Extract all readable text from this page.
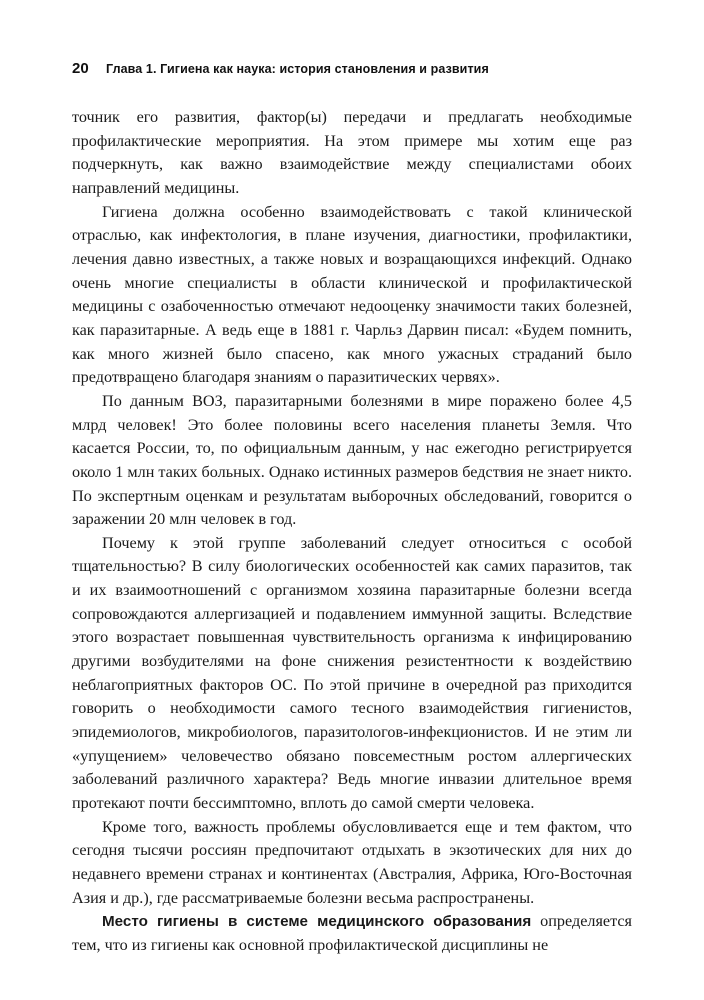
20	Глава 1. Гигиена как наука: история становления и развития

точник его развития, фактор(ы) передачи и предлагать необходимые профилактические мероприятия. На этом примере мы хотим еще раз подчеркнуть, как важно взаимодействие между специалистами обоих направлений медицины.

Гигиена должна особенно взаимодействовать с такой клинической отраслью, как инфектология, в плане изучения, диагностики, профилактики, лечения давно известных, а также новых и возращающихся инфекций. Однако очень многие специалисты в области клинической и профилактической медицины с озабоченностью отмечают недооценку значимости таких болезней, как паразитарные. А ведь еще в 1881 г. Чарльз Дарвин писал: «Будем помнить, как много жизней было спасено, как много ужасных страданий было предотвращено благодаря знаниям о паразитических червях».

По данным ВОЗ, паразитарными болезнями в мире поражено более 4,5 млрд человек! Это более половины всего населения планеты Земля. Что касается России, то, по официальным данным, у нас ежегодно регистрируется около 1 млн таких больных. Однако истинных размеров бедствия не знает никто. По экспертным оценкам и результатам выборочных обследований, говорится о заражении 20 млн человек в год.

Почему к этой группе заболеваний следует относиться с особой тщательностью? В силу биологических особенностей как самих паразитов, так и их взаимоотношений с организмом хозяина паразитарные болезни всегда сопровождаются аллергизацией и подавлением иммунной защиты. Вследствие этого возрастает повышенная чувствительность организма к инфицированию другими возбудителями на фоне снижения резистентности к воздействию неблагоприятных факторов ОС. По этой причине в очередной раз приходится говорить о необходимости самого тесного взаимодействия гигиенистов, эпидемиологов, микробиологов, паразитологов-инфекционистов. И не этим ли «упущением» человечество обязано повсеместным ростом аллергических заболеваний различного характера? Ведь многие инвазии длительное время протекают почти бессимптомно, вплоть до самой смерти человека.

Кроме того, важность проблемы обусловливается еще и тем фактом, что сегодня тысячи россиян предпочитают отдыхать в экзотических для них до недавнего времени странах и континентах (Австралия, Африка, Юго-Восточная Азия и др.), где рассматриваемые болезни весьма распространены.

Место гигиены в системе медицинского образования определяется тем, что из гигиены как основной профилактической дисциплины не
